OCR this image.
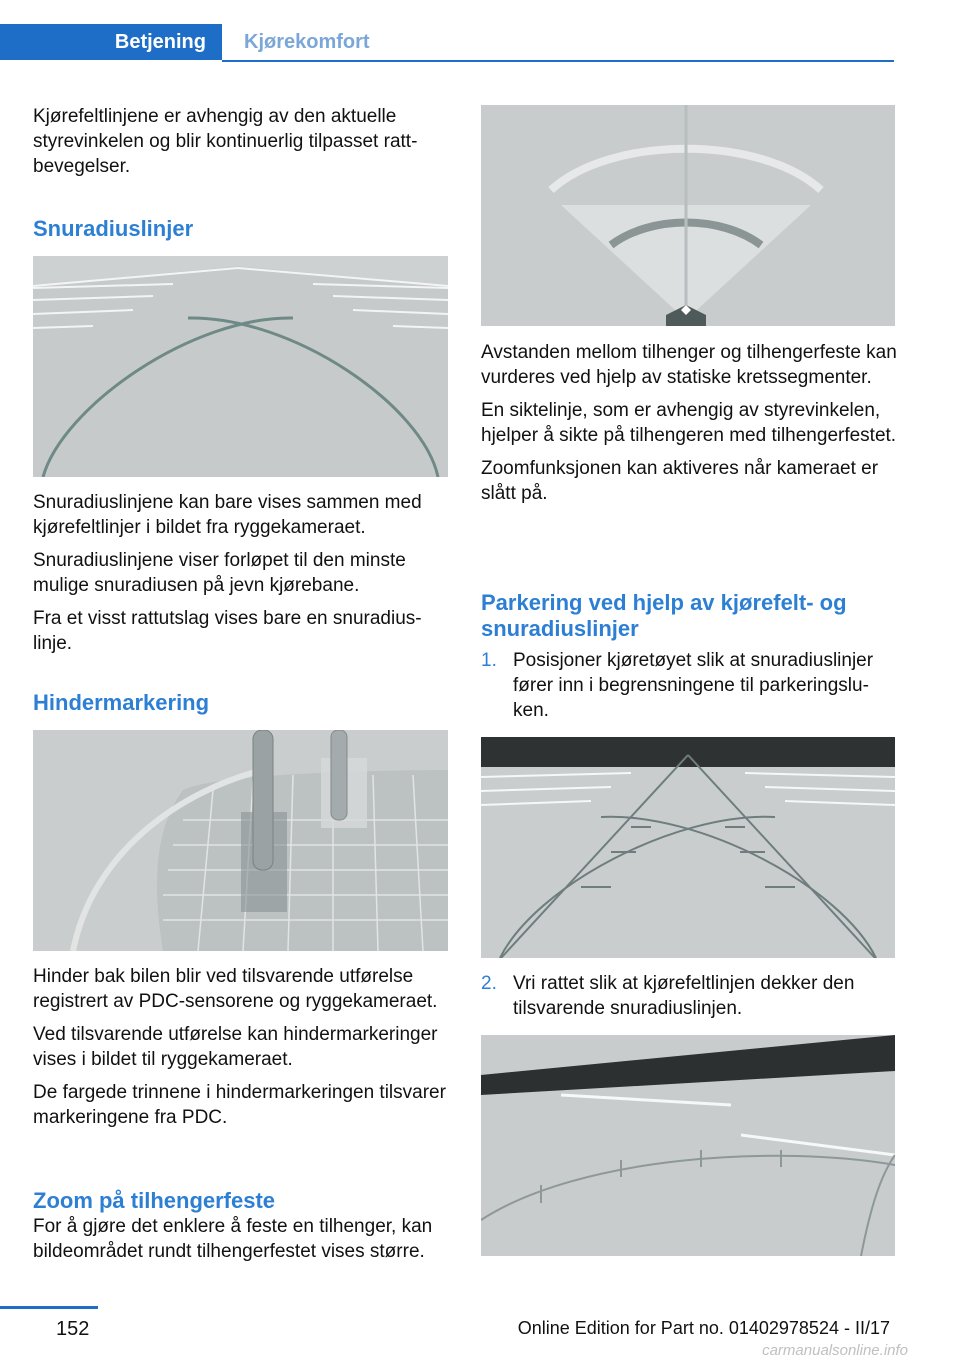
Betjening	Kjørekomfort

Kjørefeltlinjene er avhengig av den aktuelle styrevinkelen og blir kontinuerlig tilpasset rattbevegelser.

Snuradiuslinjer

Snuradiuslinjene kan bare vises sammen med kjørefeltlinjer i bildet fra ryggekameraet.

Snuradiuslinjene viser forløpet til den minste mulige snuradiusen på jevn kjørebane.

Fra et visst rattutslag vises bare en snuradiuslinje.

Hindermarkering

Hinder bak bilen blir ved tilsvarende utførelse registrert av PDC-sensorene og ryggekameraet.

Ved tilsvarende utførelse kan hindermarkeringer vises i bildet til ryggekameraet.

De fargede trinnene i hindermarkeringen tilsvarer markeringene fra PDC.

Zoom på tilhengerfeste

For å gjøre det enklere å feste en tilhenger, kan bildeområdet rundt tilhengerfestet vises større.

Avstanden mellom tilhenger og tilhengerfeste kan vurderes ved hjelp av statiske kretssegmenter.

En siktelinje, som er avhengig av styrevinkelen, hjelper å sikte på tilhengeren med tilhengerfestet.

Zoomfunksjonen kan aktiveres når kameraet er slått på.

Parkering ved hjelp av kjørefelt- og snuradiuslinjer
1. Posisjoner kjøretøyet slik at snuradiuslinjer fører inn i begrensningene til parkeringsluken.
2. Vri rattet slik at kjørefeltlinjen dekker den tilsvarende snuradiuslinjen.
152	Online Edition for Part no. 01402978524 - II/17
carmanualsonline.info
